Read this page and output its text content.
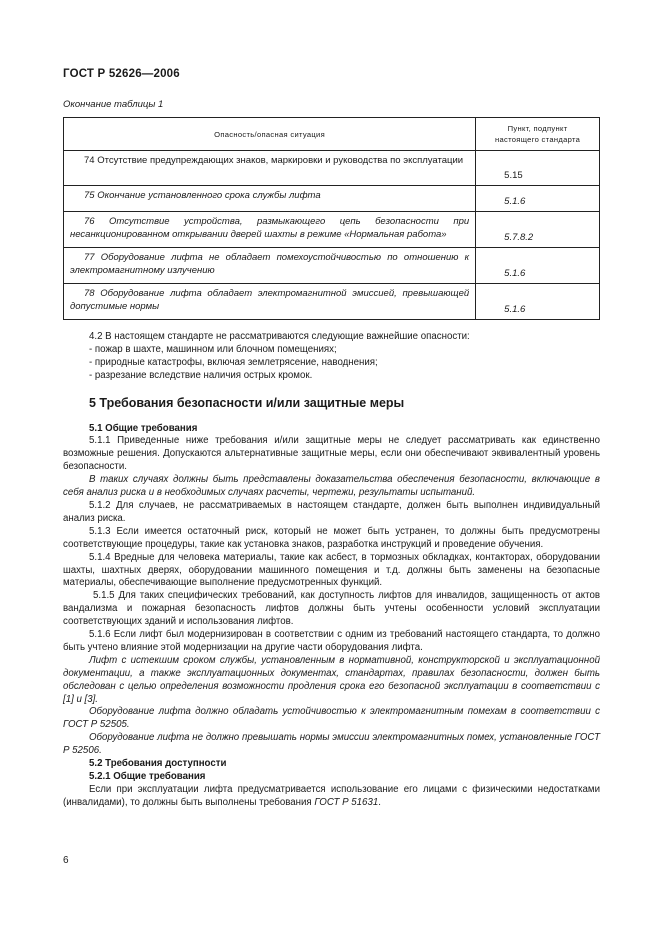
ГОСТ Р 52626—2006
Окончание таблицы 1
Опасность/опасная ситуация	Пункт, подпункт
настоящего стандарта
74 Отсутствие предупреждающих знаков, маркировки и руководства по эксплуатации	5.15
75 Окончание установленного срока службы лифта	5.1.6
76 Отсутствие устройства, размыкающего цепь безопасности при несанкционированном открывании дверей шахты в режиме «Нормальная работа»	5.7.8.2
77 Оборудование лифта не обладает помехоустойчивостью по отношению к электромагнитному излучению	5.1.6
78 Оборудование лифта обладает электромагнитной эмиссией, превышающей допустимые нормы	5.1.6

4.2 В настоящем стандарте не рассматриваются следующие важнейшие опасности:

- пожар в шахте, машинном или блочном помещениях;

- природные катастрофы, включая землетрясение, наводнения;

- разрезание вследствие наличия острых кромок.

5 Требования безопасности и/или защитные меры
5.1 Общие требования

5.1.1 Приведенные ниже требования и/или защитные меры не следует рассматривать как единственно возможные решения. Допускаются альтернативные защитные меры, если они обеспечивают эквивалентный уровень безопасности.

В таких случаях должны быть представлены доказательства обеспечения безопасности, включающие в себя анализ риска и в необходимых случаях расчеты, чертежи, результаты испытаний.

5.1.2 Для случаев, не рассматриваемых в настоящем стандарте, должен быть выполнен индивидуальный анализ риска.

5.1.3 Если имеется остаточный риск, который не может быть устранен, то должны быть предусмотрены соответствующие процедуры, такие как установка знаков, разработка инструкций и проведение обучения.

5.1.4 Вредные для человека материалы, такие как асбест, в тормозных обкладках, контакторах, оборудовании шахты, шахтных дверях, оборудовании машинного помещения и т.д. должны быть заменены на безопасные материалы, обеспечивающие выполнение предусмотренных функций.

5.1.5 Для таких специфических требований, как доступность лифтов для инвалидов, защищенность от актов вандализма и пожарная безопасность лифтов должны быть учтены особенности условий эксплуатации соответствующих зданий и использования лифтов.

5.1.6 Если лифт был модернизирован в соответствии с одним из требований настоящего стандарта, то должно быть учтено влияние этой модернизации на другие части оборудования лифта.

Лифт с истекшим сроком службы, установленным в нормативной, конструкторской и эксплуатационной документации, а также эксплуатационных документах, стандартах, правилах безопасности, должен быть обследован с целью определения возможности продления срока его безопасной эксплуатации в соответствии с [1] и [3].

Оборудование лифта должно обладать устойчивостью к электромагнитным помехам в соответствии с ГОСТ Р 52505.

Оборудование лифта не должно превышать нормы эмиссии электромагнитных помех, установленные ГОСТ Р 52506.

5.2 Требования доступности
5.2.1 Общие требования

Если при эксплуатации лифта предусматривается использование его лицами с физическими недостатками (инвалидами), то должны быть выполнены требования ГОСТ Р 51631.

6
